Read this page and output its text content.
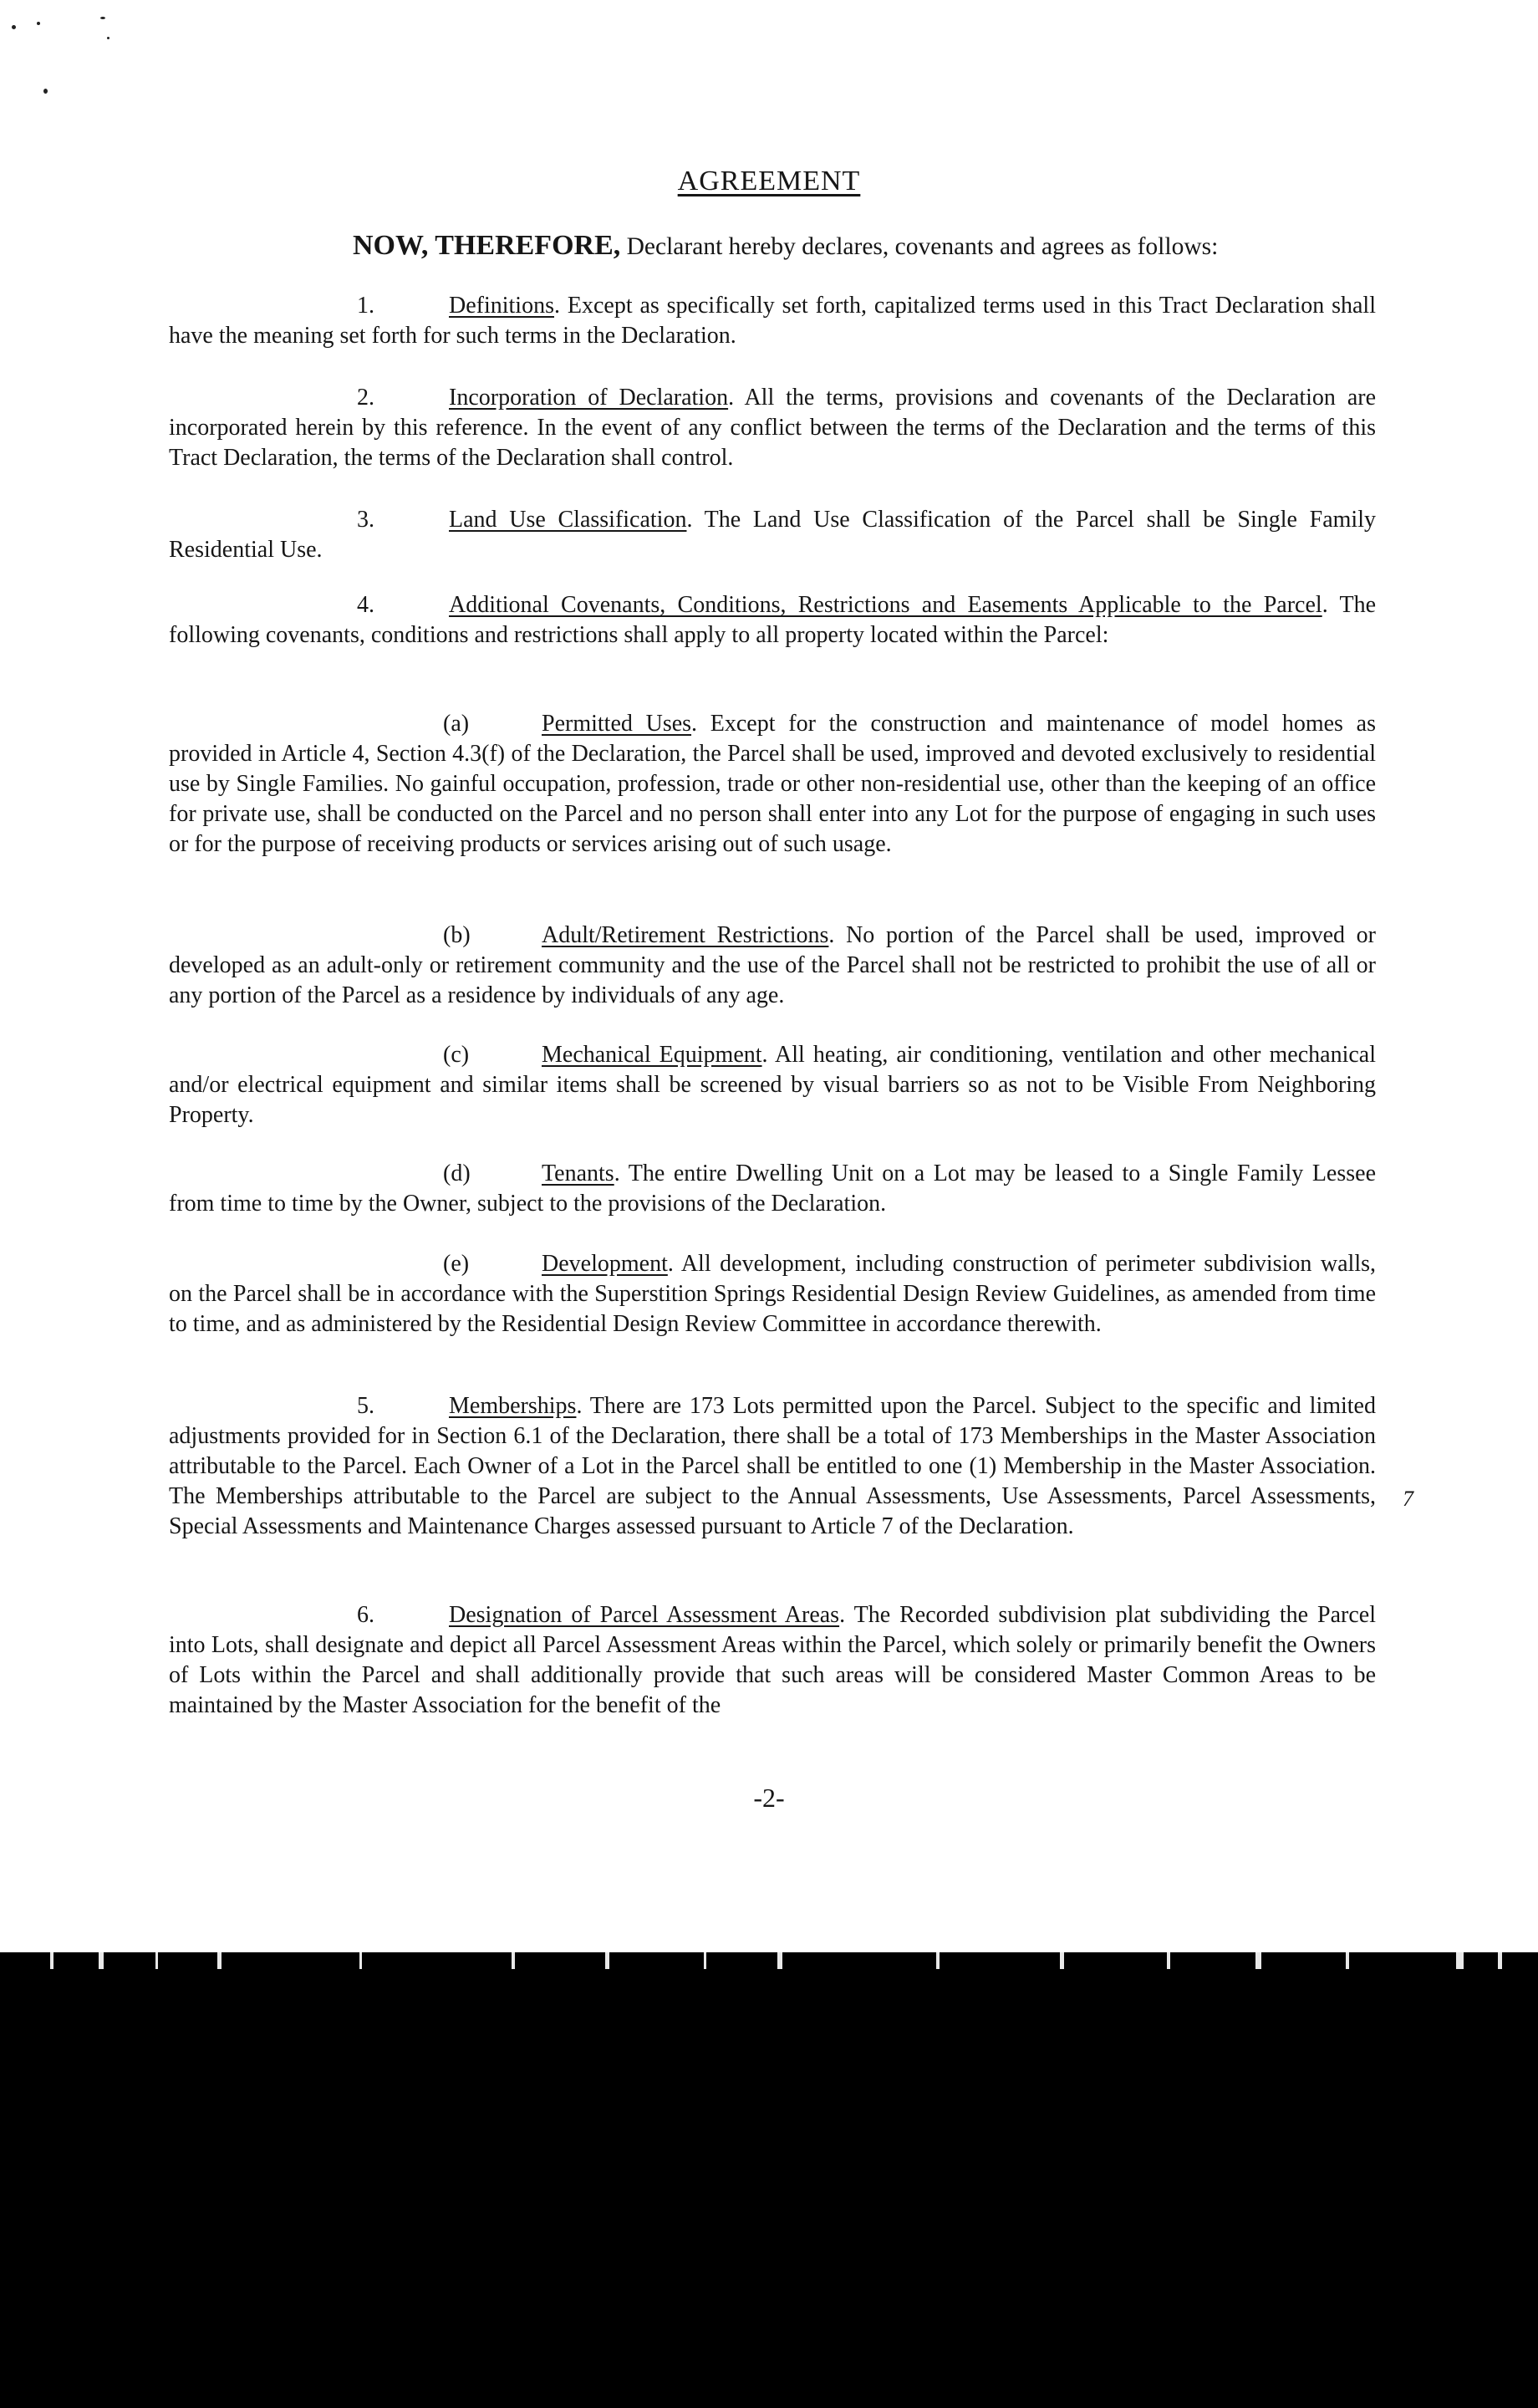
AGREEMENT
NOW, THEREFORE, Declarant hereby declares, covenants and agrees as follows:

1.	Definitions. Except as specifically set forth, capitalized terms used in this Tract Declaration shall have the meaning set forth for such terms in the Declaration.

2.	Incorporation of Declaration. All the terms, provisions and covenants of the Declaration are incorporated herein by this reference. In the event of any conflict between the terms of the Declaration and the terms of this Tract Declaration, the terms of the Declaration shall control.

3.	Land Use Classification. The Land Use Classification of the Parcel shall be Single Family Residential Use.

4.	Additional Covenants, Conditions, Restrictions and Easements Applicable to the Parcel. The following covenants, conditions and restrictions shall apply to all property located within the Parcel:

(a)	Permitted Uses. Except for the construction and maintenance of model homes as provided in Article 4, Section 4.3(f) of the Declaration, the Parcel shall be used, improved and devoted exclusively to residential use by Single Families. No gainful occupation, profession, trade or other non-residential use, other than the keeping of an office for private use, shall be conducted on the Parcel and no person shall enter into any Lot for the purpose of engaging in such uses or for the purpose of receiving products or services arising out of such usage.

(b)	Adult/Retirement Restrictions. No portion of the Parcel shall be used, improved or developed as an adult-only or retirement community and the use of the Parcel shall not be restricted to prohibit the use of all or any portion of the Parcel as a residence by individuals of any age.

(c)	Mechanical Equipment. All heating, air conditioning, ventilation and other mechanical and/or electrical equipment and similar items shall be screened by visual barriers so as not to be Visible From Neighboring Property.

(d)	Tenants. The entire Dwelling Unit on a Lot may be leased to a Single Family Lessee from time to time by the Owner, subject to the provisions of the Declaration.

(e)	Development. All development, including construction of perimeter subdivision walls, on the Parcel shall be in accordance with the Superstition Springs Residential Design Review Guidelines, as amended from time to time, and as administered by the Residential Design Review Committee in accordance therewith.

5.	Memberships. There are 173 Lots permitted upon the Parcel. Subject to the specific and limited adjustments provided for in Section 6.1 of the Declaration, there shall be a total of 173 Memberships in the Master Association attributable to the Parcel. Each Owner of a Lot in the Parcel shall be entitled to one (1) Membership in the Master Association. The Memberships attributable to the Parcel are subject to the Annual Assessments, Use Assessments, Parcel Assessments, Special Assessments and Maintenance Charges assessed pursuant to Article 7 of the Declaration.

7

6.	Designation of Parcel Assessment Areas. The Recorded subdivision plat subdividing the Parcel into Lots, shall designate and depict all Parcel Assessment Areas within the Parcel, which solely or primarily benefit the Owners of Lots within the Parcel and shall additionally provide that such areas will be considered Master Common Areas to be maintained by the Master Association for the benefit of the

-2-
